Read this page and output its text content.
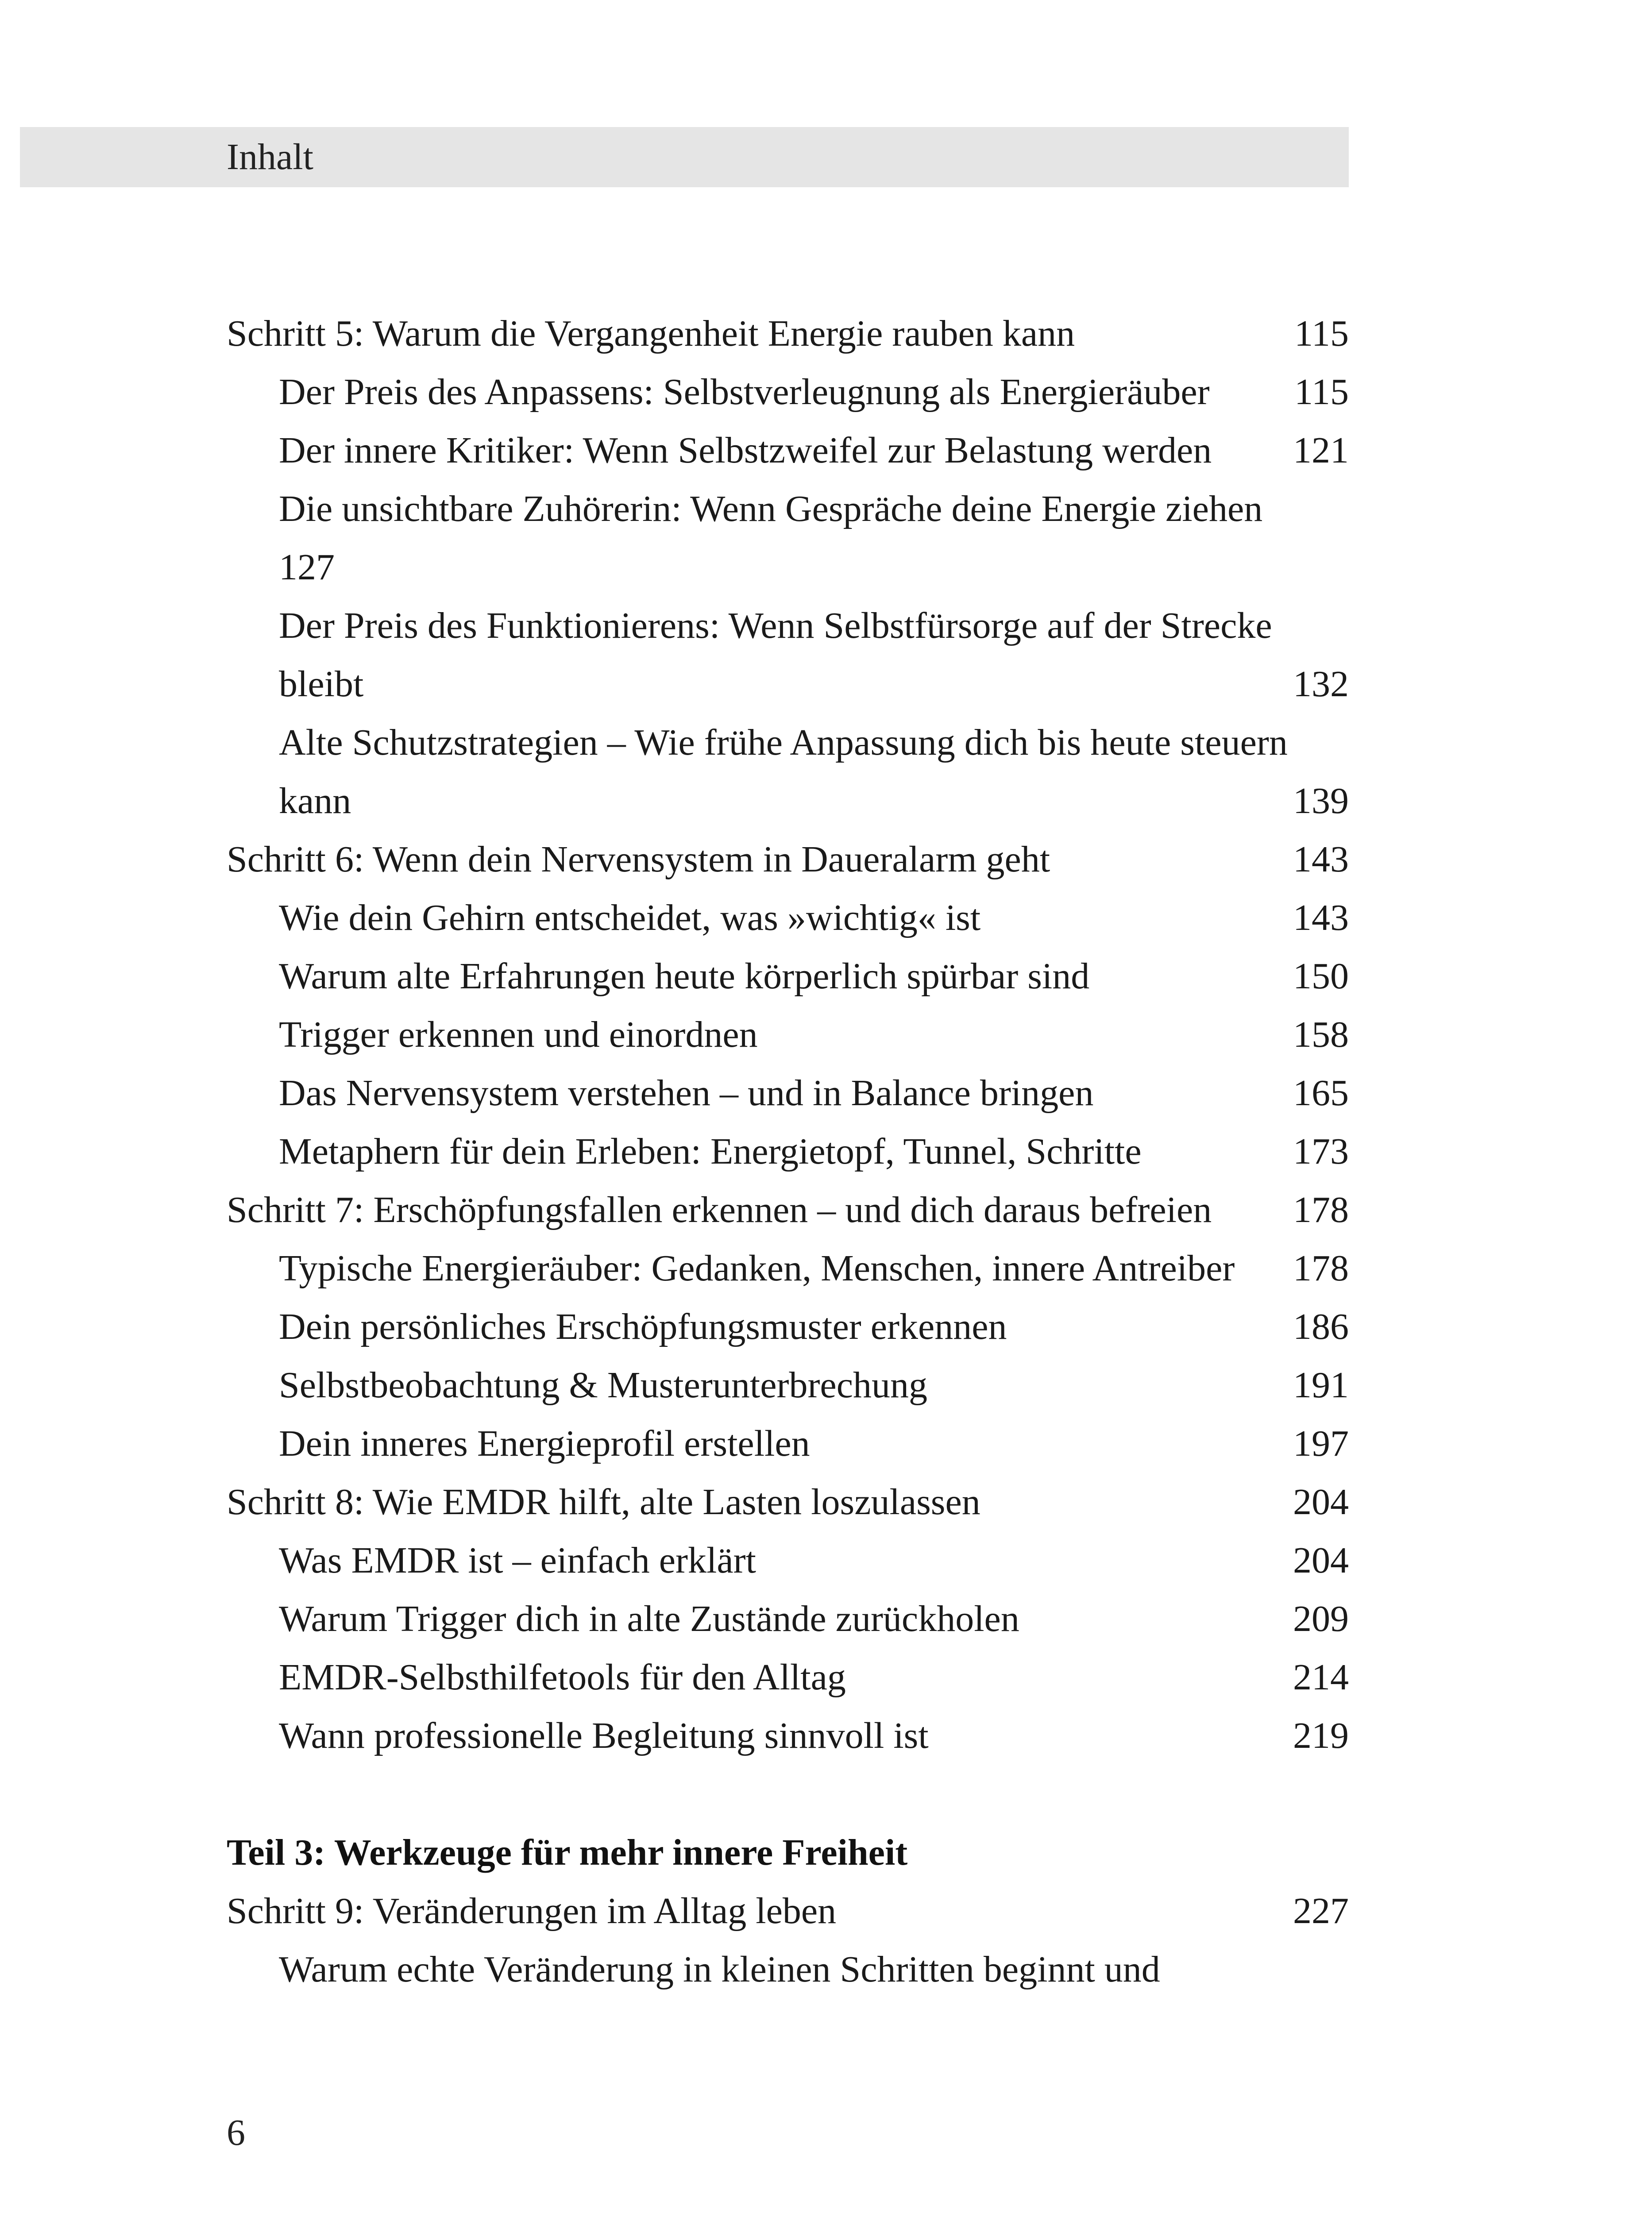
Inhalt
Schritt 5: Warum die Vergangenheit Energie rauben kann	115
Der Preis des Anpassens: Selbstverleugnung als Energieräuber 115
Der innere Kritiker: Wenn Selbstzweifel zur Belastung werden 121
Die unsichtbare Zuhörerin: Wenn Gespräche deine Energie ziehen
127
Der Preis des Funktionierens: Wenn Selbstfürsorge auf der Strecke
bleibt	132
Alte Schutzstrategien – Wie frühe Anpassung dich bis heute steuern
kann	139
Schritt 6: Wenn dein Nervensystem in Daueralarm geht	143
Wie dein Gehirn entscheidet, was »wichtig« ist	143
Warum alte Erfahrungen heute körperlich spürbar sind	150
Trigger erkennen und einordnen	158
Das Nervensystem verstehen – und in Balance bringen	165
Metaphern für dein Erleben: Energietopf, Tunnel, Schritte	173
Schritt 7: Erschöpfungsfallen erkennen – und dich daraus befreien 178
Typische Energieräuber: Gedanken, Menschen, innere Antreiber 178
Dein persönliches Erschöpfungsmuster erkennen	186
Selbstbeobachtung & Musterunterbrechung	191
Dein inneres Energieprofil erstellen	197
Schritt 8: Wie EMDR hilft, alte Lasten loszulassen	204
Was EMDR ist – einfach erklärt	204
Warum Trigger dich in alte Zustände zurückholen	209
EMDR-Selbsthilfetools für den Alltag	214
Wann professionelle Begleitung sinnvoll ist	219
Teil 3: Werkzeuge für mehr innere Freiheit
Schritt 9: Veränderungen im Alltag leben	227
Warum echte Veränderung in kleinen Schritten beginnt und
6
